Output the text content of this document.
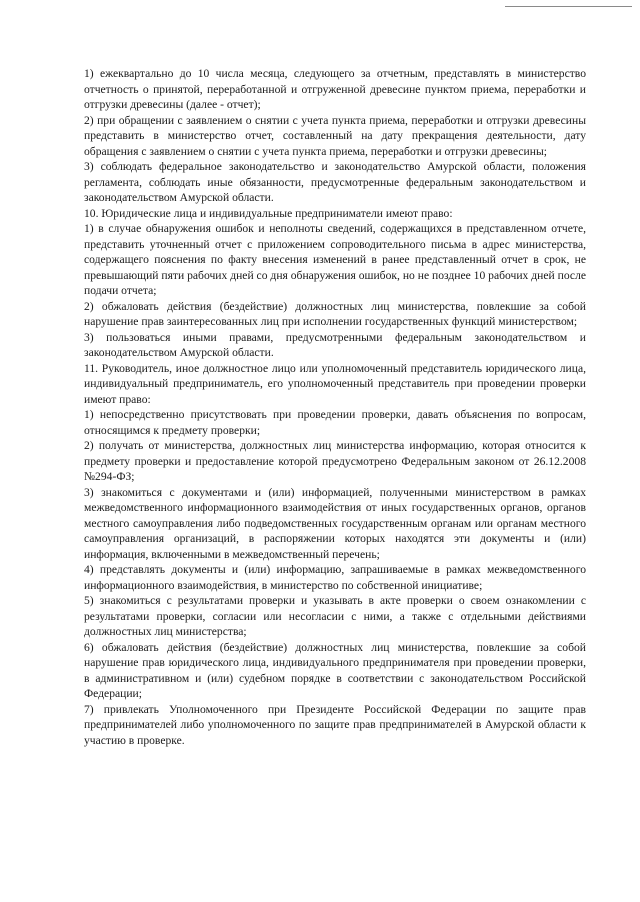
1) ежеквартально до 10 числа месяца, следующего за отчетным, представлять в министерство отчетность о принятой, переработанной и отгруженной древесине пунктом приема, переработки и отгрузки древесины (далее - отчет);

2) при обращении с заявлением о снятии с учета пункта приема, переработки и отгрузки древесины представить в министерство отчет, составленный на дату прекращения деятельности, дату обращения с заявлением о снятии с учета пункта приема, переработки и отгрузки древесины;

3) соблюдать федеральное законодательство и законодательство Амурской области, положения регламента, соблюдать иные обязанности, предусмотренные федеральным законодательством и законодательством Амурской области.

10. Юридические лица и индивидуальные предприниматели имеют право:

1) в случае обнаружения ошибок и неполноты сведений, содержащихся в представленном отчете, представить уточненный отчет с приложением сопроводительного письма в адрес министерства, содержащего пояснения по факту внесения изменений в ранее представленный отчет в срок, не превышающий пяти рабочих дней со дня обнаружения ошибок, но не позднее 10 рабочих дней после подачи отчета;

2) обжаловать действия (бездействие) должностных лиц министерства, повлекшие за собой нарушение прав заинтересованных лиц при исполнении государственных функций министерством;

3) пользоваться иными правами, предусмотренными федеральным законодательством и законодательством Амурской области.

11. Руководитель, иное должностное лицо или уполномоченный представитель юридического лица, индивидуальный предприниматель, его уполномоченный представитель при проведении проверки имеют право:

1) непосредственно присутствовать при проведении проверки, давать объяснения по вопросам, относящимся к предмету проверки;

2) получать от министерства, должностных лиц министерства информацию, которая относится к предмету проверки и предоставление которой предусмотрено Федеральным законом от 26.12.2008 №294-ФЗ;

3) знакомиться с документами и (или) информацией, полученными министерством в рамках межведомственного информационного взаимодействия от иных государственных органов, органов местного самоуправления либо подведомственных государственным органам или органам местного самоуправления организаций, в распоряжении которых находятся эти документы и (или) информация, включенными в межведомственный перечень;

4) представлять документы и (или) информацию, запрашиваемые в рамках межведомственного информационного взаимодействия, в министерство по собственной инициативе;

5) знакомиться с результатами проверки и указывать в акте проверки о своем ознакомлении с результатами проверки, согласии или несогласии с ними, а также с отдельными действиями должностных лиц министерства;

6) обжаловать действия (бездействие) должностных лиц министерства, повлекшие за собой нарушение прав юридического лица, индивидуального предпринимателя при проведении проверки, в административном и (или) судебном порядке в соответствии с законодательством Российской Федерации;

7) привлекать Уполномоченного при Президенте Российской Федерации по защите прав предпринимателей либо уполномоченного по защите прав предпринимателей в Амурской области к участию в проверке.
